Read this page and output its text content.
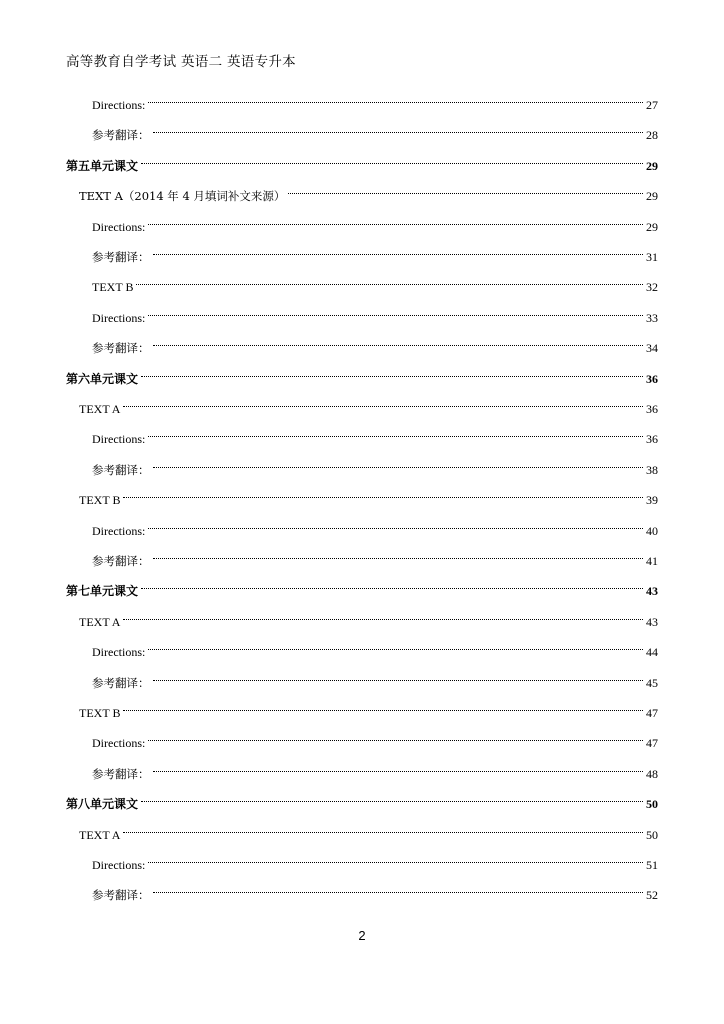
高等教育自学考试 英语二 英语专升本
Directions:	27
参考翻译：	28
第五单元课文	29
TEXT A（2014 年 4 月填词补文来源）	29
Directions:	29
参考翻译：	31
TEXT B	32
Directions:	33
参考翻译：	34
第六单元课文	36
TEXT A	36
Directions:	36
参考翻译：	38
TEXT B	39
Directions:	40
参考翻译：	41
第七单元课文	43
TEXT A	43
Directions:	44
参考翻译：	45
TEXT B	47
Directions:	47
参考翻译：	48
第八单元课文	50
TEXT A	50
Directions:	51
参考翻译：	52
2
